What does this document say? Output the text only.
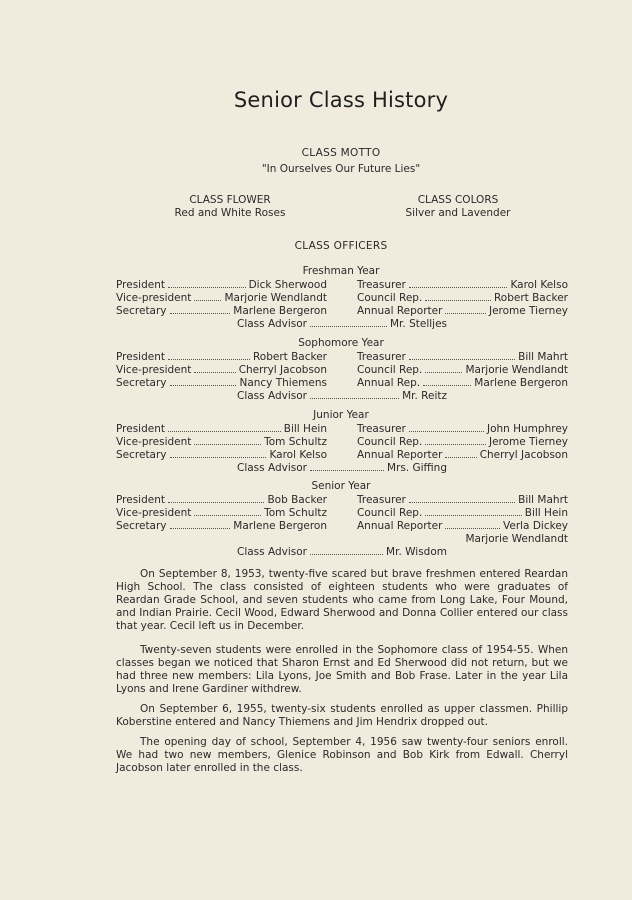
Senior Class History
CLASS MOTTO
"In Ourselves Our Future Lies"
CLASS FLOWER
Red and White Roses
CLASS COLORS
Silver and Lavender
CLASS OFFICERS
Freshman Year
President	Dick Sherwood
Vice-president	Marjorie Wendlandt
Secretary	Marlene Bergeron
Treasurer	Karol Kelso
Council Rep.	Robert Backer
Annual Reporter	Jerome Tierney
Class Advisor	Mr. Stelljes
Sophomore Year
President	Robert Backer
Vice-president	Cherryl Jacobson
Secretary	Nancy Thiemens
Treasurer	Bill Mahrt
Council Rep.	Marjorie Wendlandt
Annual Rep.	Marlene Bergeron
Class Advisor	Mr. Reitz
Junior Year
President	Bill Hein
Vice-president	Tom Schultz
Secretary	Karol Kelso
Treasurer	John Humphrey
Council Rep.	Jerome Tierney
Annual Reporter	Cherryl Jacobson
Class Advisor	Mrs. Giffing
Senior Year
President	Bob Backer
Vice-president	Tom Schultz
Secretary	Marlene Bergeron
Treasurer	Bill Mahrt
Council Rep.	Bill Hein
Annual Reporter	Verla Dickey
Marjorie Wendlandt
Class Advisor	Mr. Wisdom

On September 8, 1953, twenty-five scared but brave freshmen entered Reardan High School. The class consisted of eighteen students who were graduates of Reardan Grade School, and seven students who came from Long Lake, Four Mound, and Indian Prairie. Cecil Wood, Edward Sherwood and Donna Collier entered our class that year. Cecil left us in December.

Twenty-seven students were enrolled in the Sophomore class of 1954-55. When classes began we noticed that Sharon Ernst and Ed Sherwood did not return, but we had three new members: Lila Lyons, Joe Smith and Bob Frase. Later in the year Lila Lyons and Irene Gardiner withdrew.

On September 6, 1955, twenty-six students enrolled as upper classmen. Phillip Koberstine entered and Nancy Thiemens and Jim Hendrix dropped out.

The opening day of school, September 4, 1956 saw twenty-four seniors enroll. We had two new members, Glenice Robinson and Bob Kirk from Edwall. Cherryl Jacobson later enrolled in the class.
